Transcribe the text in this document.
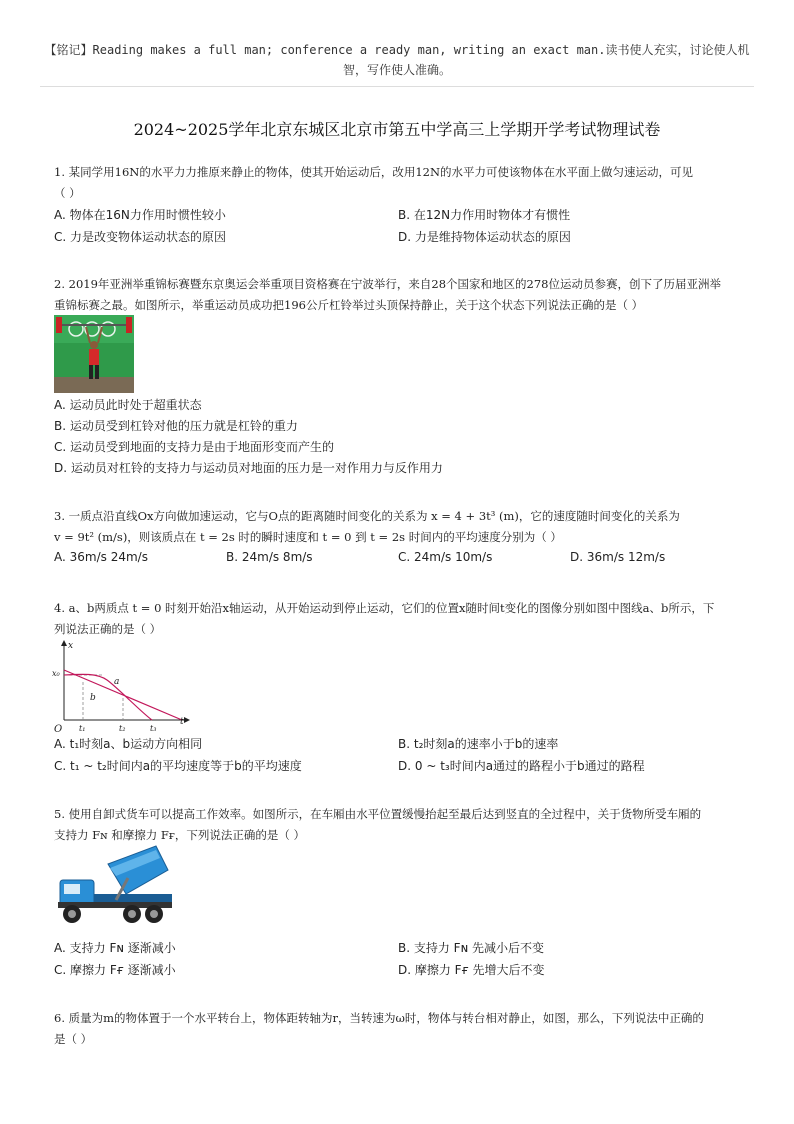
【铭记】Reading makes a full man; conference a ready man, writing an exact man.读书使人充实，讨论使人机
智，写作使人准确。
2024~2025学年北京东城区北京市第五中学高三上学期开学考试物理试卷
1. 某同学用16N的水平力力推原来静止的物体，使其开始运动后，改用12N的水平力可使该物体在水平面上做匀速运动，可见
（ ）
A. 物体在16N力作用时惯性较小	B. 在12N力作用时物体才有惯性
C. 力是改变物体运动状态的原因	D. 力是维持物体运动状态的原因
2. 2019年亚洲举重锦标赛暨东京奥运会举重项目资格赛在宁波举行，来自28个国家和地区的278位运动员参赛，创下了历届亚洲举
重锦标赛之最。如图所示，举重运动员成功把196公斤杠铃举过头顶保持静止，关于这个状态下列说法正确的是（ ）
A. 运动员此时处于超重状态
B. 运动员受到杠铃对他的压力就是杠铃的重力
C. 运动员受到地面的支持力是由于地面形变而产生的
D. 运动员对杠铃的支持力与运动员对地面的压力是一对作用力与反作用力
3. 一质点沿直线Ox方向做加速运动，它与O点的距离随时间变化的关系为 x = 4 + 3t³ (m)，它的速度随时间变化的关系为
v = 9t² (m/s)，则该质点在 t = 2s 时的瞬时速度和 t = 0 到 t = 2s 时间内的平均速度分别为（ ）
A. 36m/s 24m/s	B. 24m/s 8m/s	C. 24m/s 10m/s	D. 36m/s 12m/s
4. a、b两质点 t = 0 时刻开始沿x轴运动，从开始运动到停止运动，它们的位置x随时间t变化的图像分别如图中图线a、b所示，下
列说法正确的是（ ）
x
x₀
a
b
O
t
t₁	t₂	t₃
A. t₁时刻a、b运动方向相同	B. t₂时刻a的速率小于b的速率
C. t₁ ~ t₂时间内a的平均速度等于b的平均速度	D. 0 ~ t₃时间内a通过的路程小于b通过的路程
5. 使用自卸式货车可以提高工作效率。如图所示，在车厢由水平位置缓慢抬起至最后达到竖直的全过程中，关于货物所受车厢的
支持力 Fɴ 和摩擦力 Fғ，下列说法正确的是（ ）
A. 支持力 Fɴ 逐渐减小	B. 支持力 Fɴ 先减小后不变
C. 摩擦力 Fғ 逐渐减小	D. 摩擦力 Fғ 先增大后不变
6. 质量为m的物体置于一个水平转台上，物体距转轴为r，当转速为ω时，物体与转台相对静止，如图，那么，下列说法中正确的
是（ ）
